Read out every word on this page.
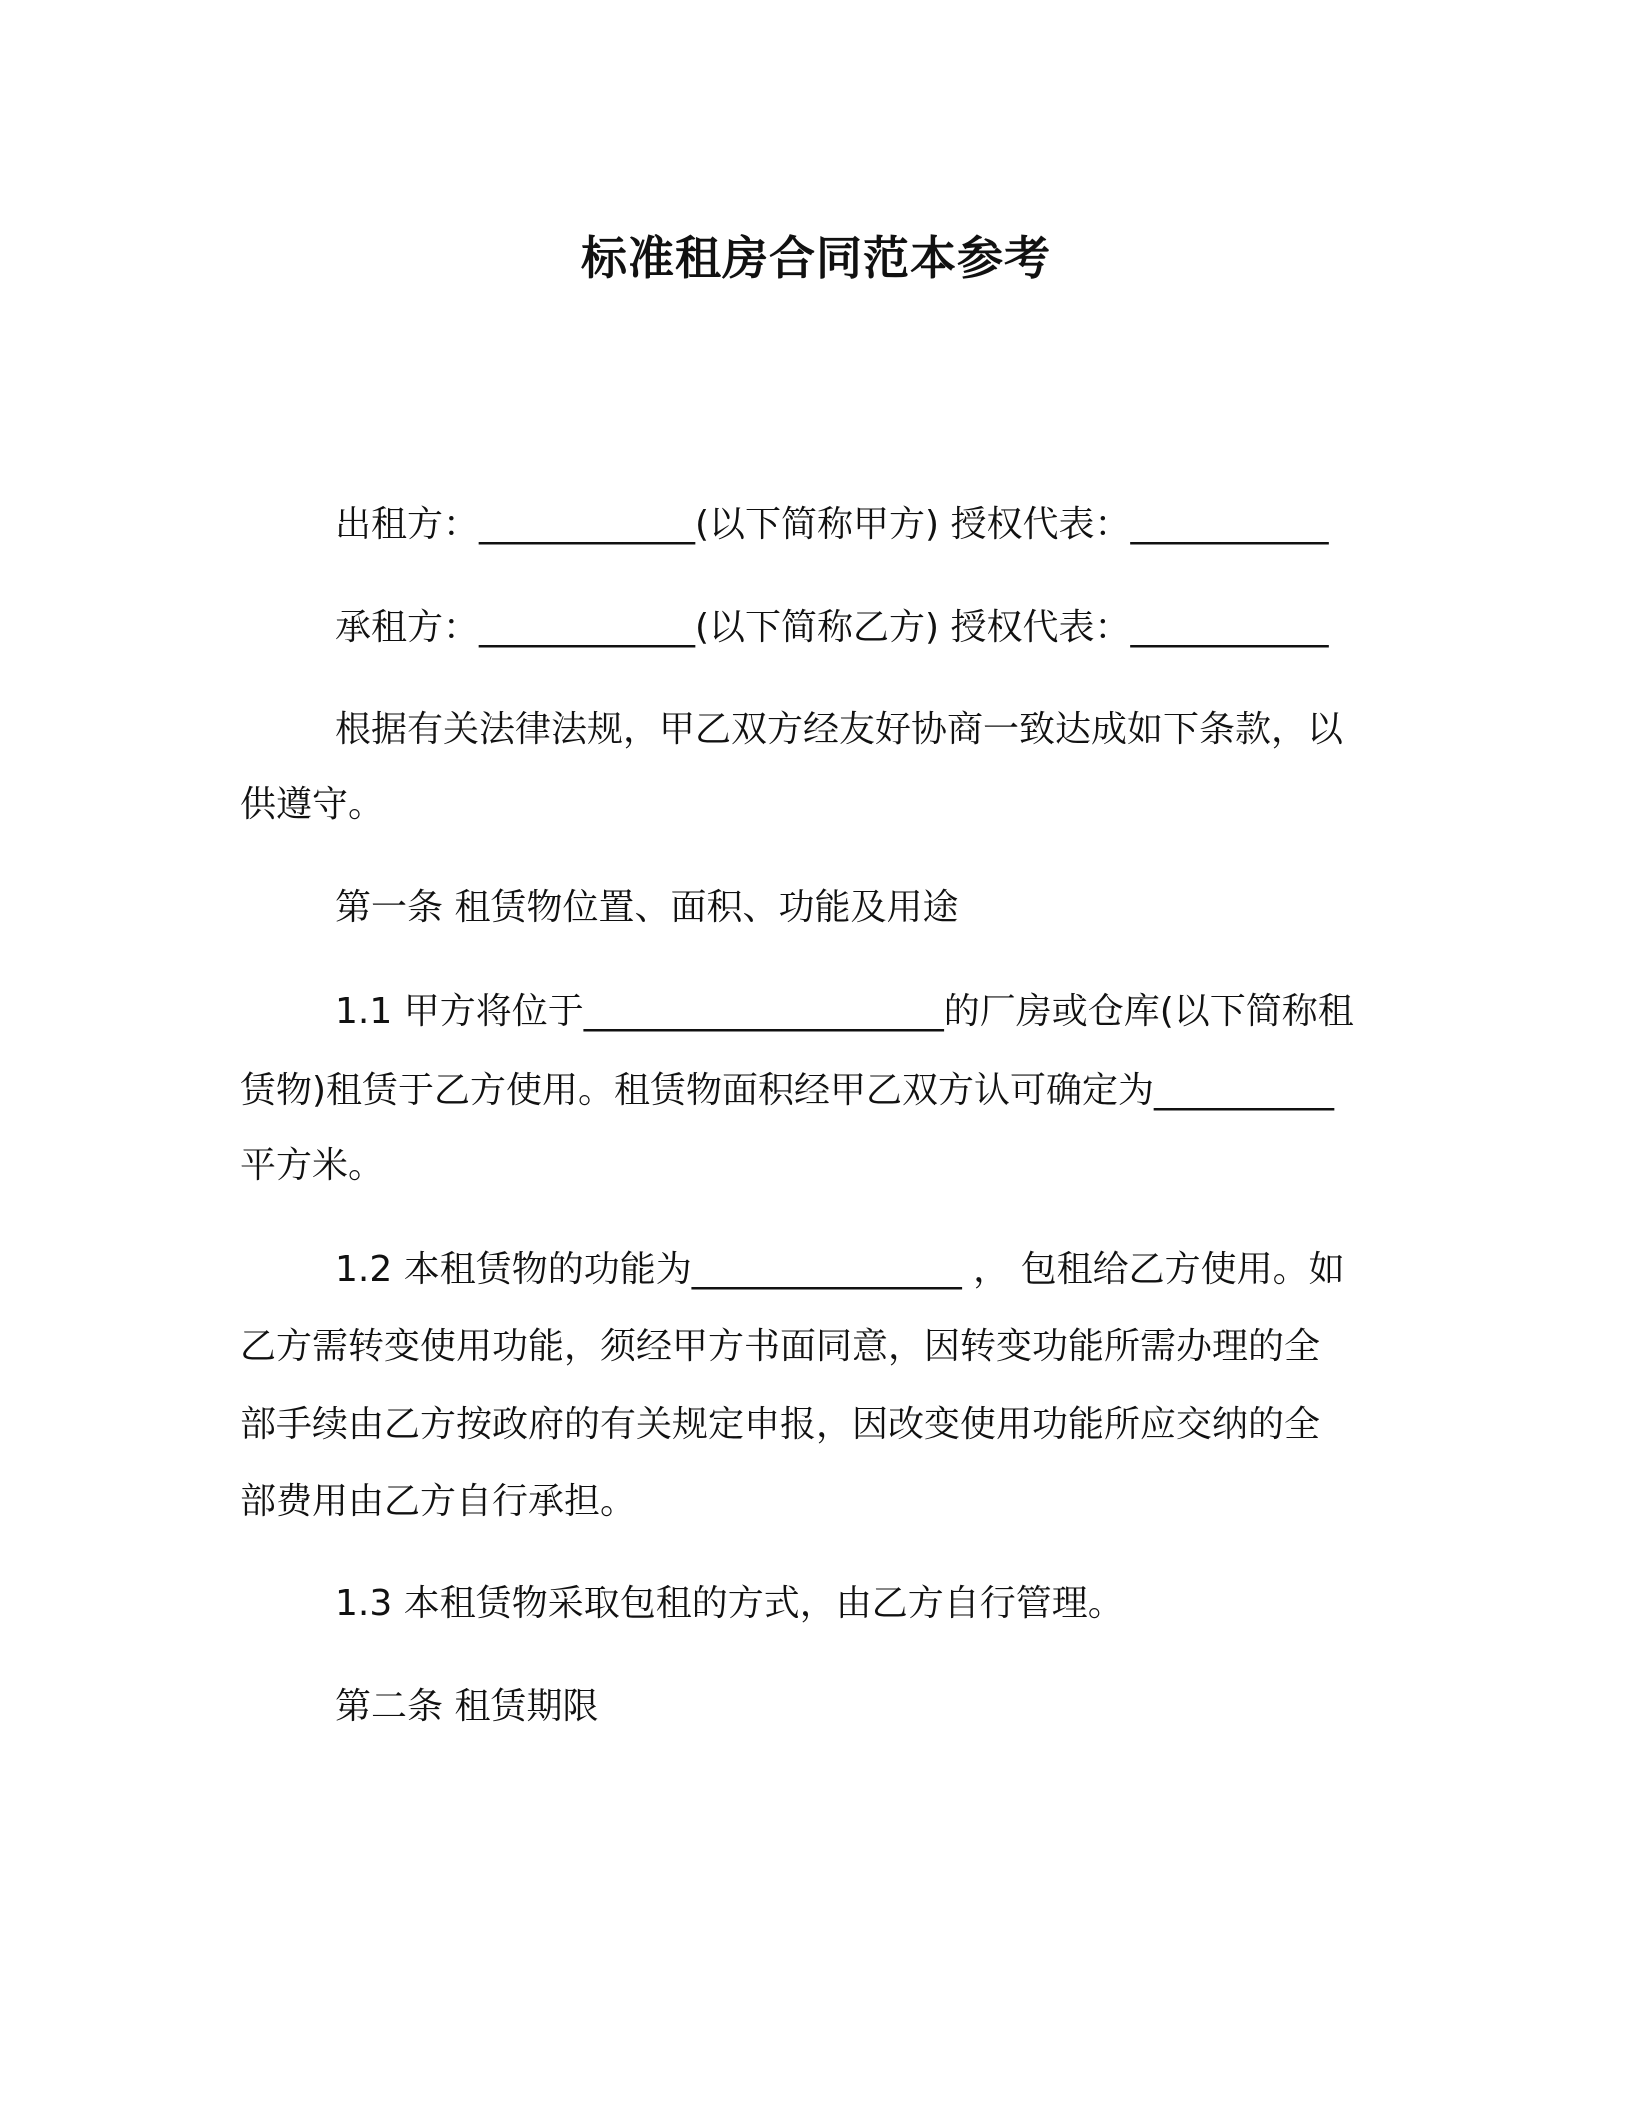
标准租房合同范本参考
出租方：____________(以下简称甲方) 授权代表：___________
承租方：____________(以下简称乙方) 授权代表：___________
根据有关法律法规，甲乙双方经友好协商一致达成如下条款，以
供遵守。
第一条 租赁物位置、面积、功能及用途
1.1 甲方将位于____________________的厂房或仓库(以下简称租
赁物)租赁于乙方使用。租赁物面积经甲乙双方认可确定为__________
平方米。
1.2 本租赁物的功能为_______________ ， 包租给乙方使用。如
乙方需转变使用功能，须经甲方书面同意，因转变功能所需办理的全
部手续由乙方按政府的有关规定申报，因改变使用功能所应交纳的全
部费用由乙方自行承担。
1.3 本租赁物采取包租的方式，由乙方自行管理。
第二条 租赁期限
